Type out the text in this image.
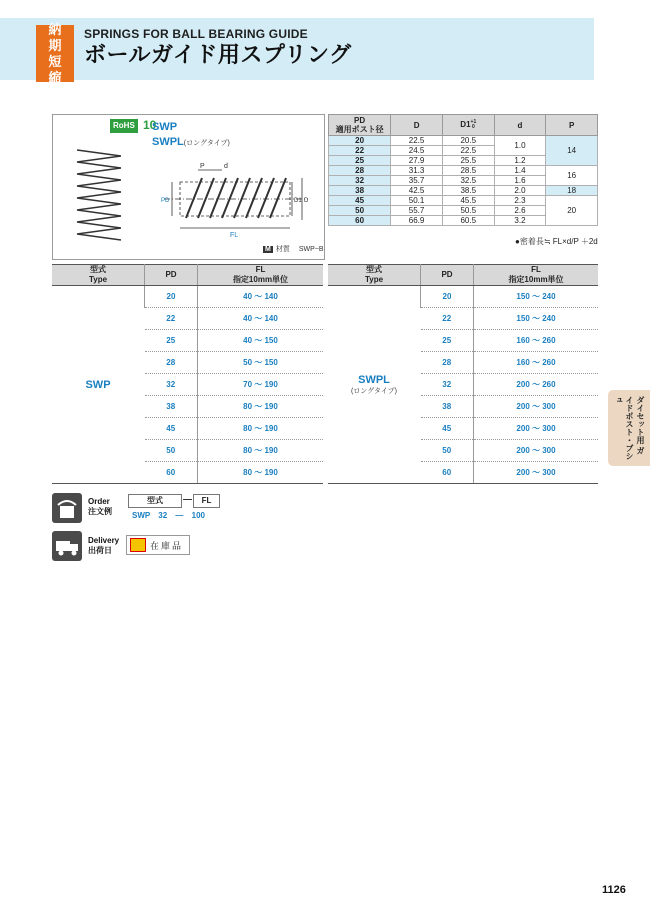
納
期
短
縮
SPRINGS FOR BALL BEARING GUIDE
ボールガイド用スプリング
P	d
PD	D1 D
FL
RoHS 10
SWP
SWPL(ロングタイプ)
M 材質 SWP−B
PD
適用ポスト径	D	$D1^{+1 0}$	d	P
20	22.5	20.5	1.0	14
22	24.5	22.5		
25	27.9	25.5	1.2	
28	31.3	28.5	1.4	16
32	35.7	32.5	1.6	
38	42.5	38.5	2.0	18
45	50.1	45.5	2.3	20
50	55.7	50.5	2.6	
60	66.9	60.5	3.2	
●密着長≒ FL×d/P ＋2d
型式	PD	FL
Type		指定10mm単位
SWP	20	40 ～ 140
	22	40 ～ 140
	25	40 ～ 150
	28	50 ～ 150
	32	70 ～ 190
	38	80 ～ 190
	45	80 ～ 190
	50	80 ～ 190
	60	80 ～ 190
型式	PD	FL
Type		指定10mm単位
SWPL
(ロングタイプ)	20	150 ～ 240
	22	150 ～ 240
	25	160 ～ 260
	28	160 ～ 260
	32	200 ～ 260
	38	200 ～ 300
	45	200 ～ 300
	50	200 ～ 300
	60	200 ～ 300
Order
注文例
型式	—	FL
SWP 32 — 100
Delivery
出荷日	在庫品
ダイセット用 ガイドポスト・ブシュ
1126
